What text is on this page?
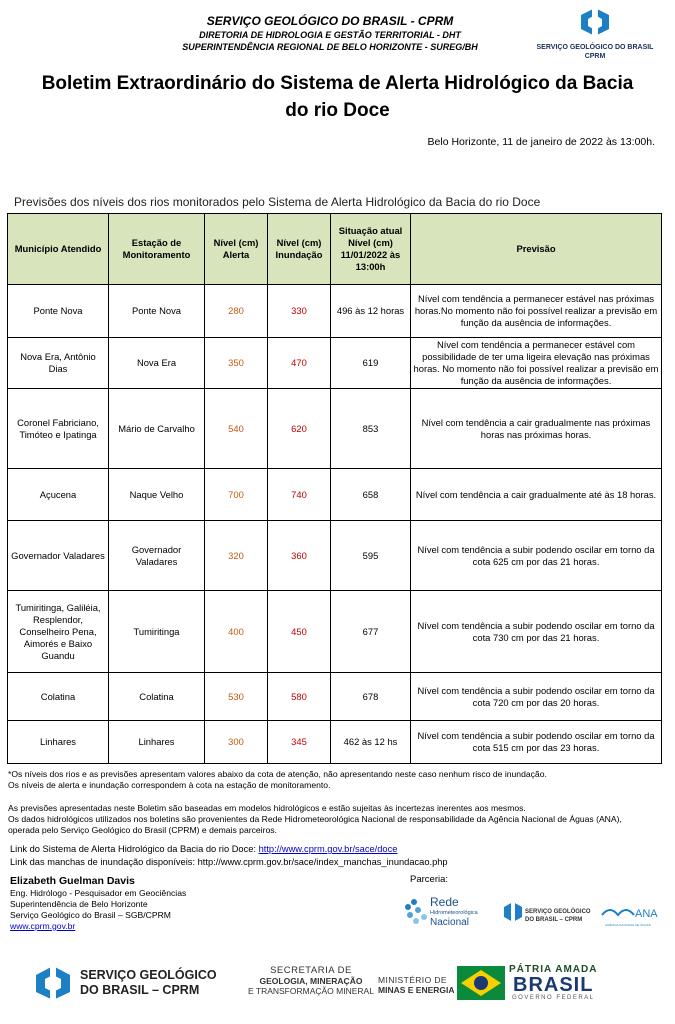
SERVIÇO GEOLÓGICO DO BRASIL - CPRM
DIRETORIA DE HIDROLOGIA E GESTÃO TERRITORIAL - DHT
SUPERINTENDÊNCIA REGIONAL DE BELO HORIZONTE - SUREG/BH	SERVIÇO GEOLÓGICO DO BRASIL
CPRM
Boletim Extraordinário do Sistema de Alerta Hidrológico da Bacia
do rio Doce
Belo Horizonte, 11 de janeiro de 2022 às 13:00h.
Previsões dos níveis dos rios monitorados pelo Sistema de Alerta Hidrológico da Bacia do rio Doce
Município Atendido	Estação de Monitoramento	Nível (cm) Alerta	Nível (cm) Inundação	Situação atual Nível (cm) 11/01/2022 às 13:00h	Previsão
Ponte Nova	Ponte Nova	280	330	496 às 12 horas	Nível com tendência a permanecer estável nas próximas horas.No momento não foi possível realizar a previsão em função da ausência de informações.
Nova Era, Antônio Dias	Nova Era	350	470	619	Nível com tendência a permanecer estável com possibilidade de ter uma ligeira elevação nas próximas horas. No momento não foi possível realizar a previsão em função da ausência de informações.
Coronel Fabriciano, Timóteo e Ipatinga	Mário de Carvalho	540	620	853	Nível com tendência a cair gradualmente nas próximas horas nas próximas horas.
Açucena	Naque Velho	700	740	658	Nível com tendência a cair gradualmente até às 18 horas.
Governador Valadares	Governador Valadares	320	360	595	Nível com tendência a subir podendo oscilar em torno da cota 625 cm por das 21 horas.
Tumiritinga, Galiléia, Resplendor, Conselheiro Pena, Aimorés e Baixo Guandu	Tumiritinga	400	450	677	Nível com tendência a subir podendo oscilar em torno da cota 730 cm por das 21 horas.
Colatina	Colatina	530	580	678	Nível com tendência a subir podendo oscilar em torno da cota 720 cm por das 20 horas.
Linhares	Linhares	300	345	462 às 12 hs	Nível com tendência a subir podendo oscilar em torno da cota 515 cm por das 23 horas.
*Os níveis dos rios e as previsões apresentam valores abaixo da cota de atenção, não apresentando neste caso nenhum risco de inundação.
Os níveis de alerta e inundação correspondem à cota na estação de monitoramento.
As previsões apresentadas neste Boletim são baseadas em modelos hidrológicos e estão sujeitas às incertezas inerentes aos mesmos.
Os dados hidrológicos utilizados nos boletins são provenientes da Rede Hidrometeorológica Nacional de responsabilidade da Agência Nacional de Águas (ANA),
operada pelo Serviço Geológico do Brasil (CPRM) e demais parceiros.
Link do Sistema de Alerta Hidrológico da Bacia do rio Doce: http://www.cprm.gov.br/sace/doce
Link das manchas de inundação disponíveis: http://www.cprm.gov.br/sace/index_manchas_inundacao.php
Elizabeth Guelman Davis
Eng. Hidrólogo - Pesquisador em Geociências
Superintendência de Belo Horizonte
Serviço Geológico do Brasil – SGB/CPRM
www.cprm.gov.br
Parceria:
Rede
Hidrometeorológica
Nacional
SERVIÇO GEOLÓGICO
DO BRASIL – CPRM	ANA
AGÊNCIA NACIONAL DE ÁGUAS
SERVIÇO GEOLÓGICO
DO BRASIL – CPRM
SECRETARIA DE
GEOLOGIA, MINERAÇÃO
E TRANSFORMAÇÃO MINERAL
MINISTÉRIO DE
MINAS E ENERGIA
PÁTRIA AMADA
BRASIL
GOVERNO FEDERAL
